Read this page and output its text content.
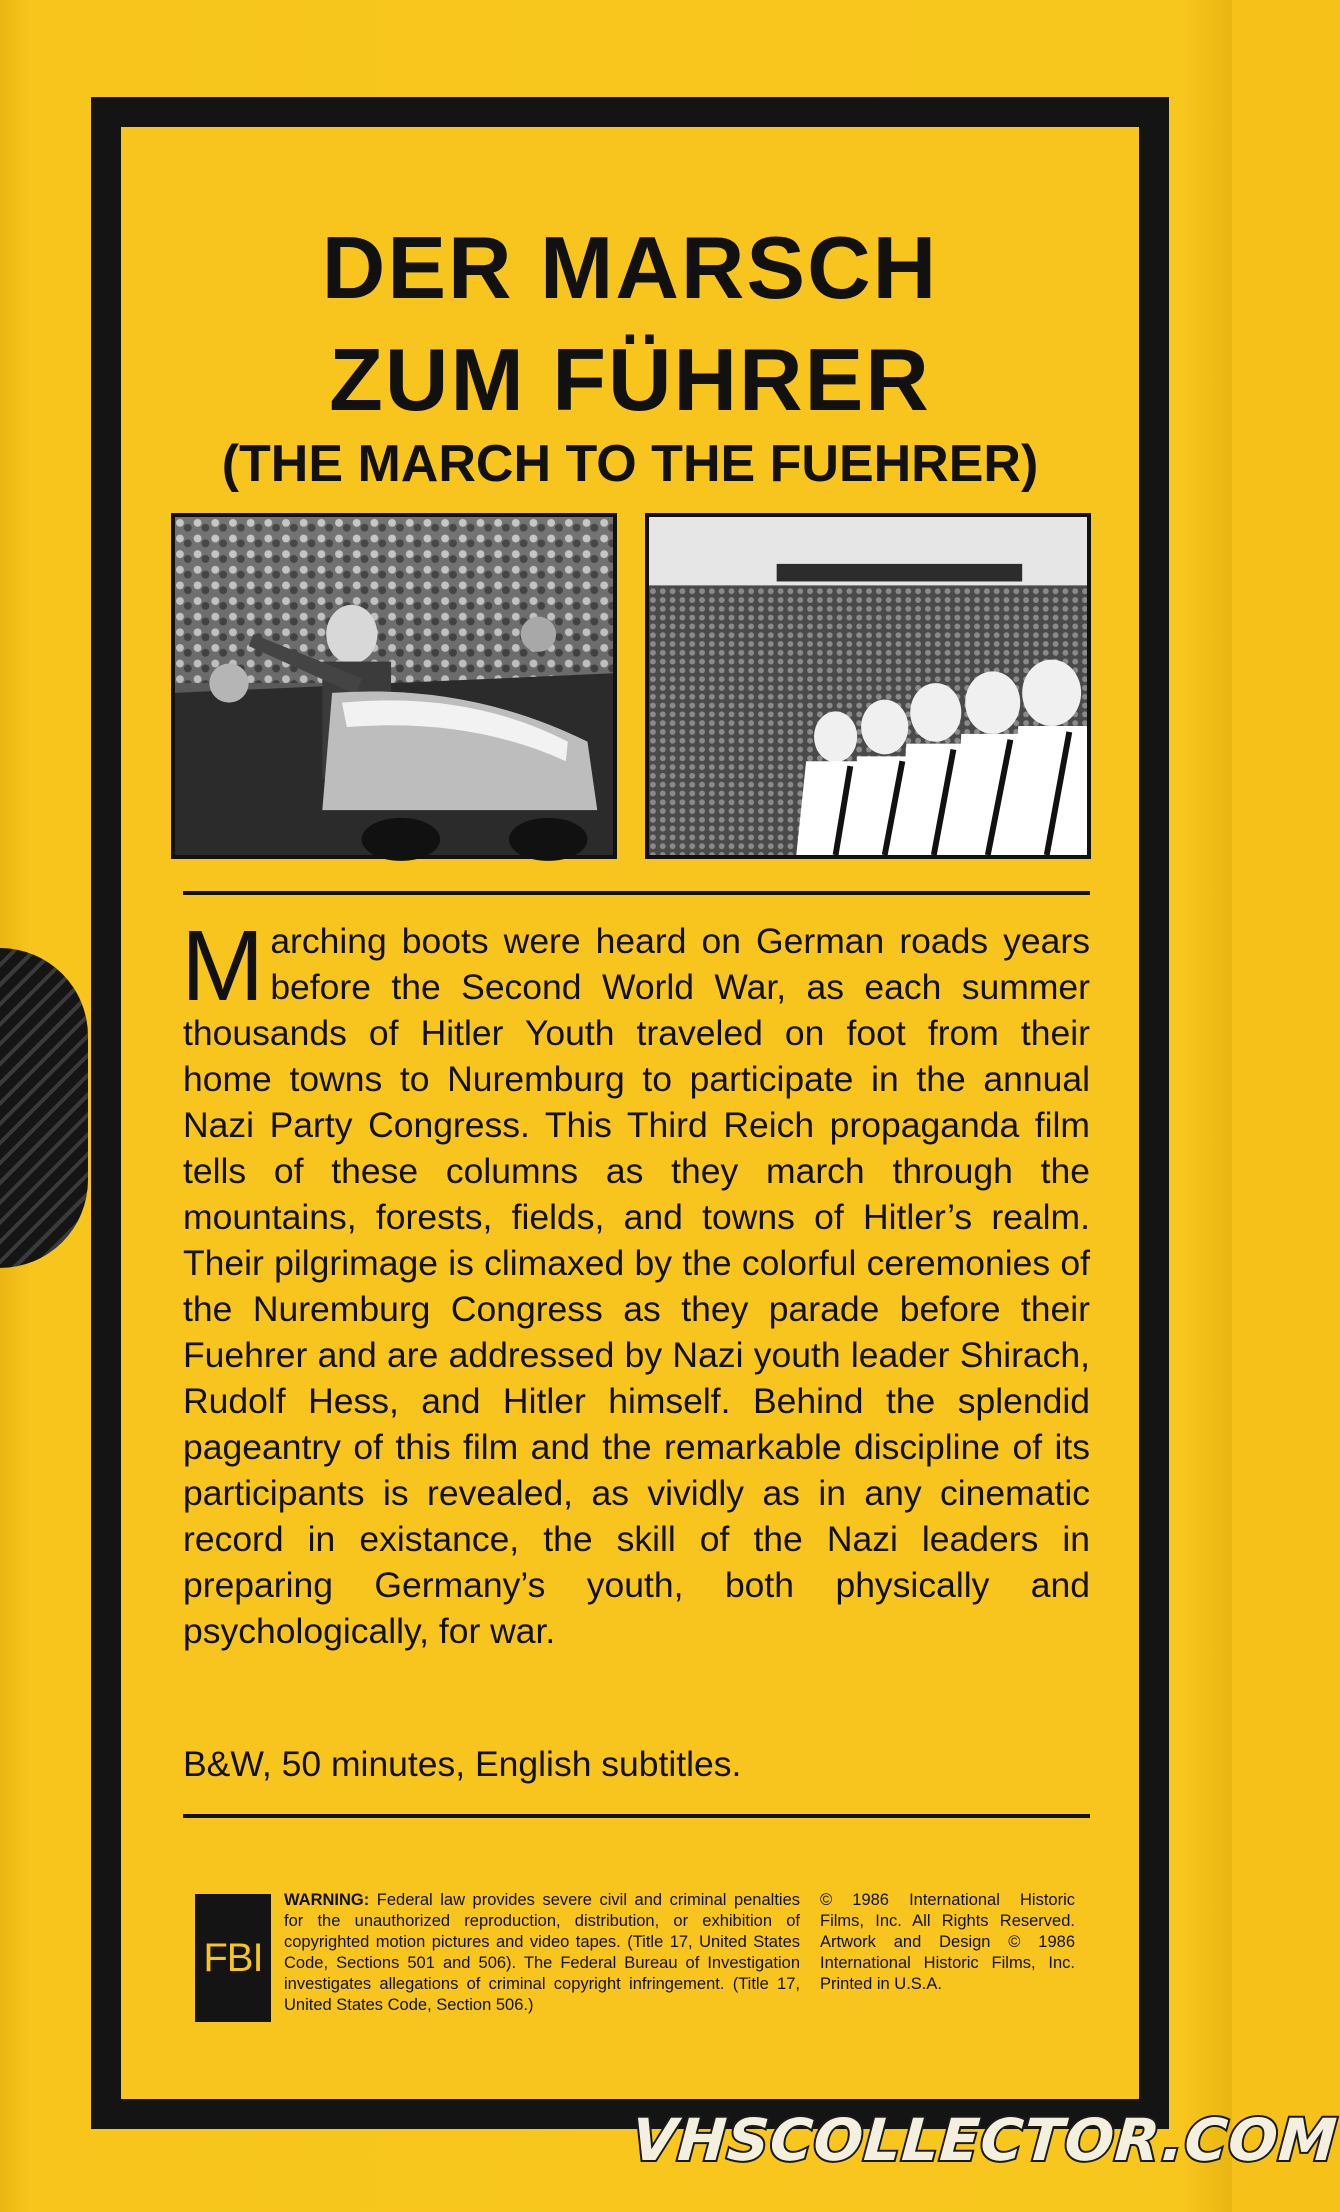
DER MARSCH
ZUM FÜHRER
(THE MARCH TO THE FUEHRER)
Marching boots were heard on German roads years before the Second World War, as each summer thousands of Hitler Youth traveled on foot from their home towns to Nuremburg to participate in the annual Nazi Party Congress. This Third Reich propaganda film tells of these columns as they march through the mountains, forests, fields, and towns of Hitler’s realm. Their pilgrimage is climaxed by the colorful ceremonies of the Nuremburg Congress as they parade before their Fuehrer and are addressed by Nazi youth leader Shirach, Rudolf Hess, and Hitler himself. Behind the splendid pageantry of this film and the remarkable discipline of its participants is revealed, as vividly as in any cinematic record in existance, the skill of the Nazi leaders in preparing Germany’s youth, both physically and psychologically, for war.
B&W, 50 minutes, English subtitles.
FBI
WARNING: Federal law provides severe civil and criminal penalties for the unauthorized reproduction, distribution, or exhibition of copyrighted motion pictures and video tapes. (Title 17, United States Code, Sections 501 and 506). The Federal Bureau of Investigation investigates allegations of criminal copyright infringement. (Title 17, United States Code, Section 506.)
© 1986 International Historic Films, Inc. All Rights Reserved. Artwork and Design © 1986 International Historic Films, Inc. Printed in U.S.A.
VHSCOLLECTOR.COM
